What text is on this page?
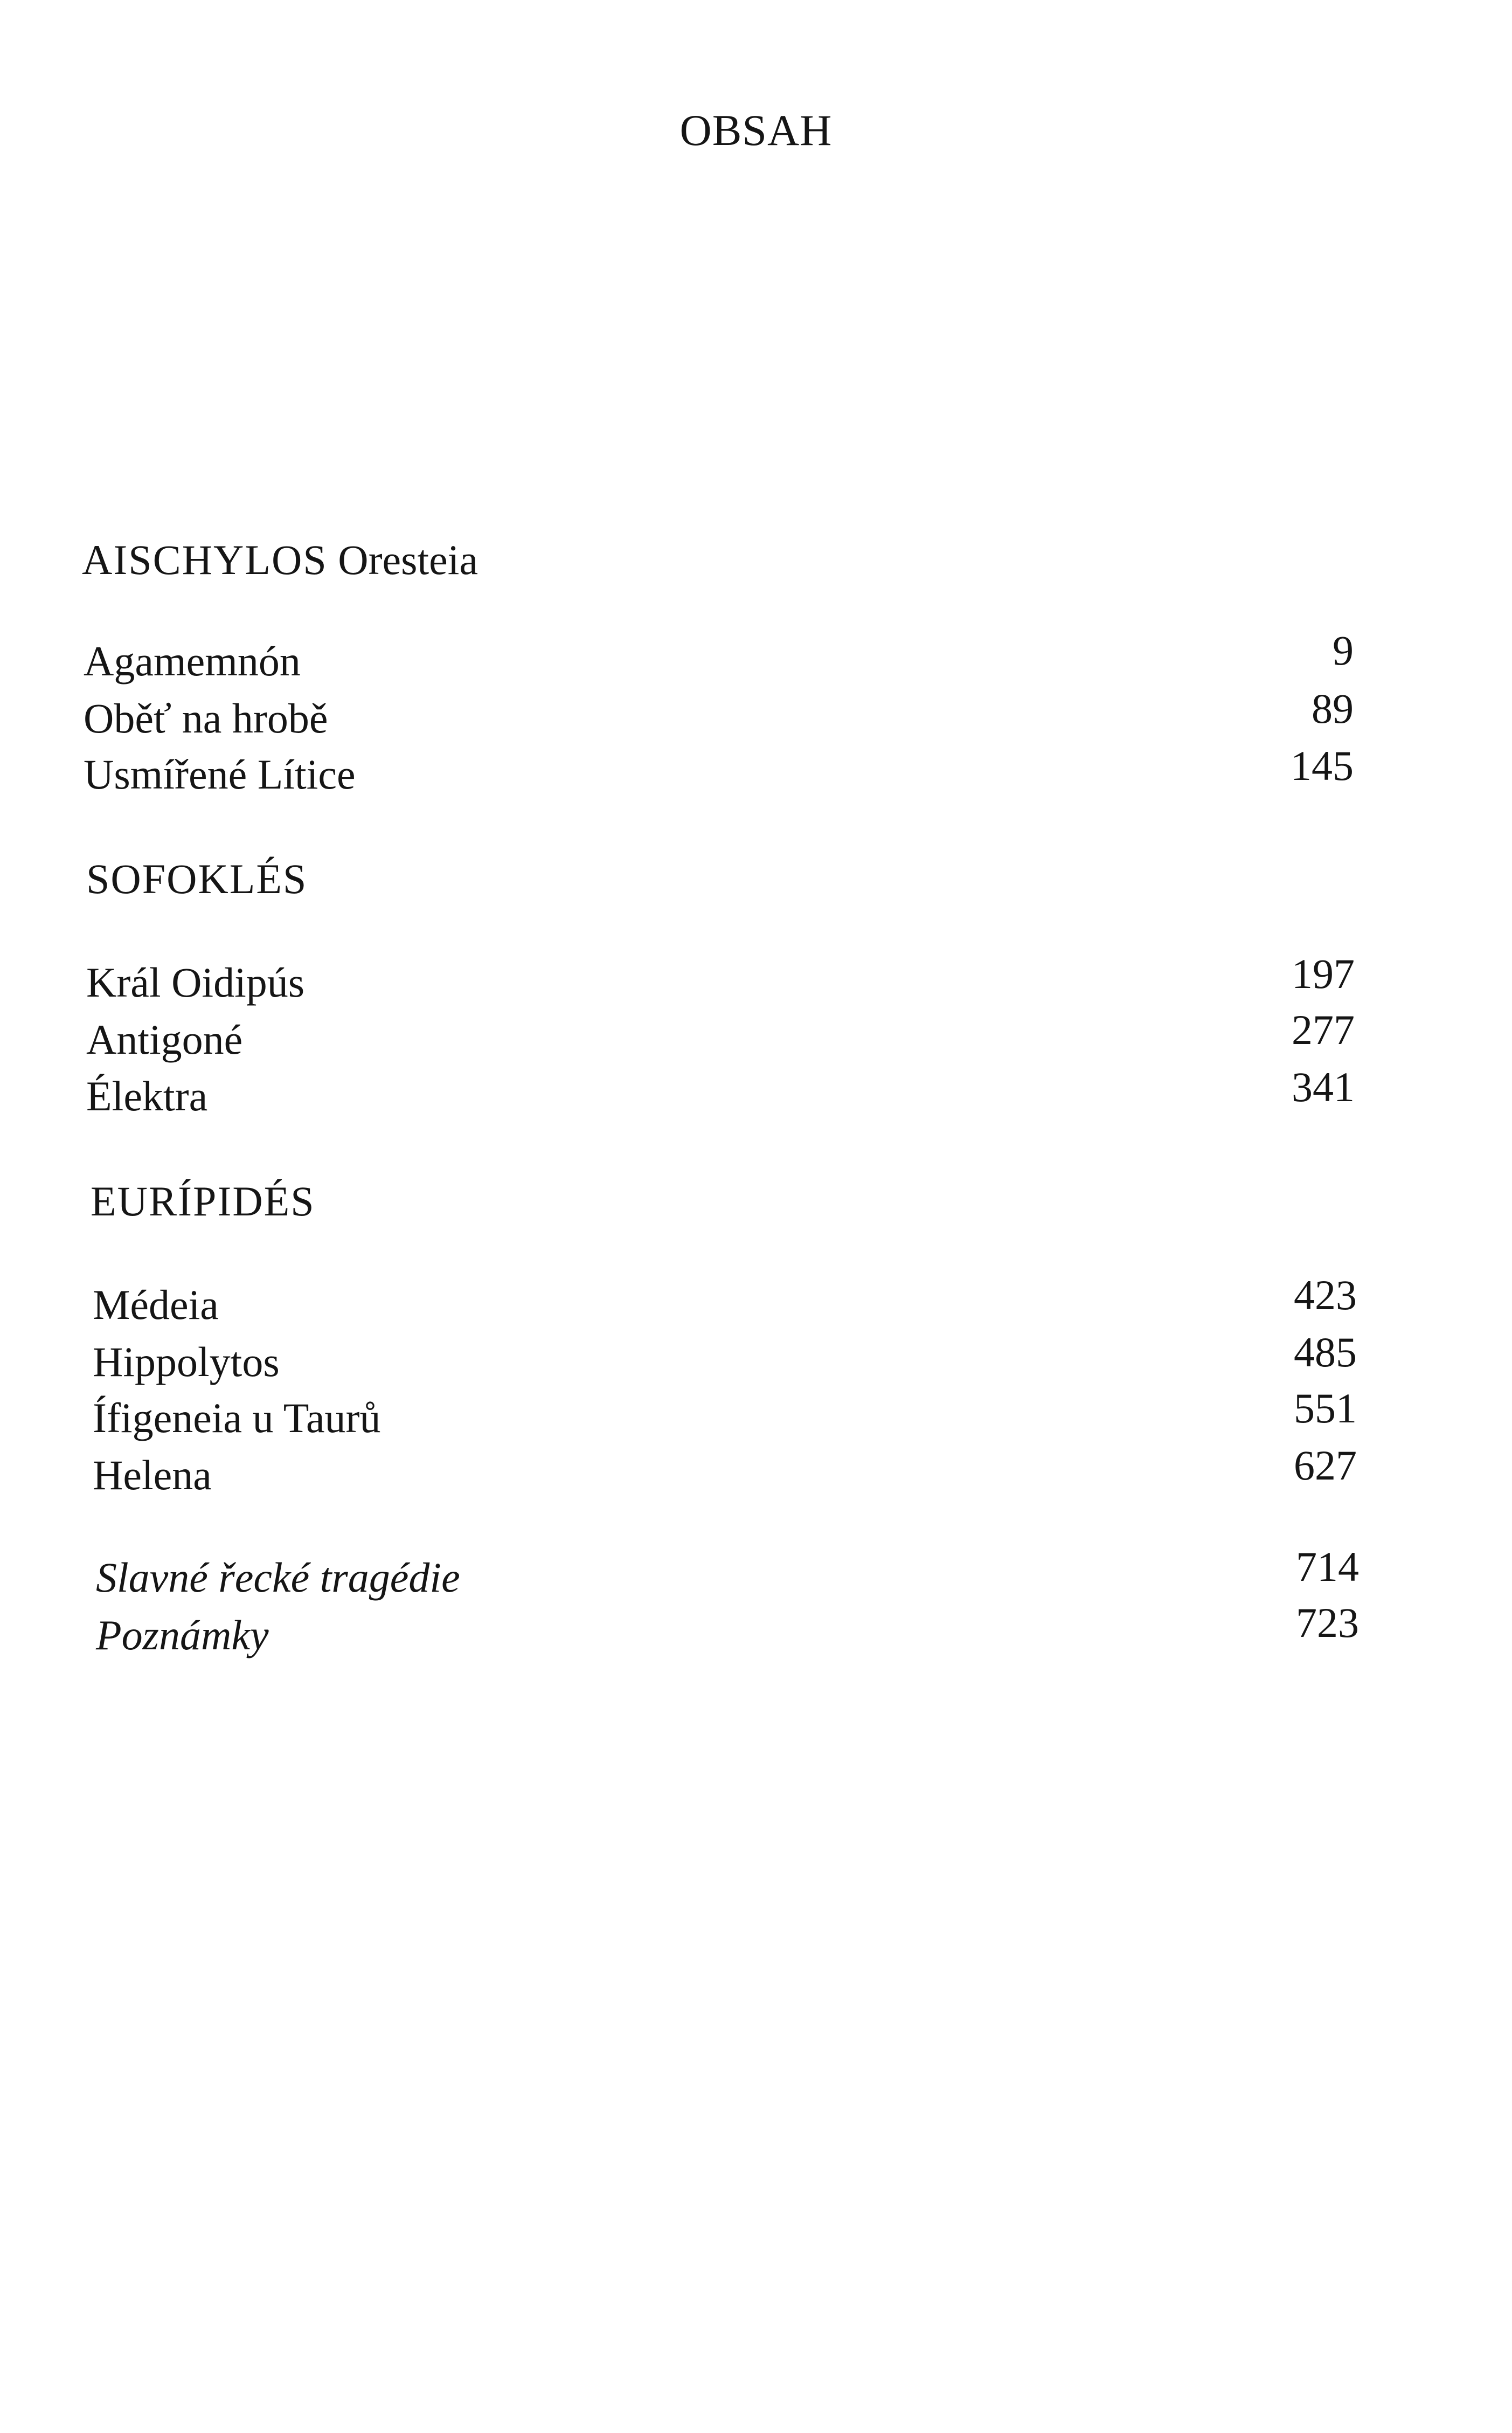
OBSAH
AISCHYLOS Oresteia
Agamemnón	9
Oběť na hrobě	89
Usmířené Lítice	145
SOFOKLÉS
Král Oidipús	197
Antigoné	277
Élektra	341
EURÍPIDÉS
Médeia	423
Hippolytos	485
Ífigeneia u Taurů	551
Helena	627
Slavné řecké tragédie	714
Poznámky	723
